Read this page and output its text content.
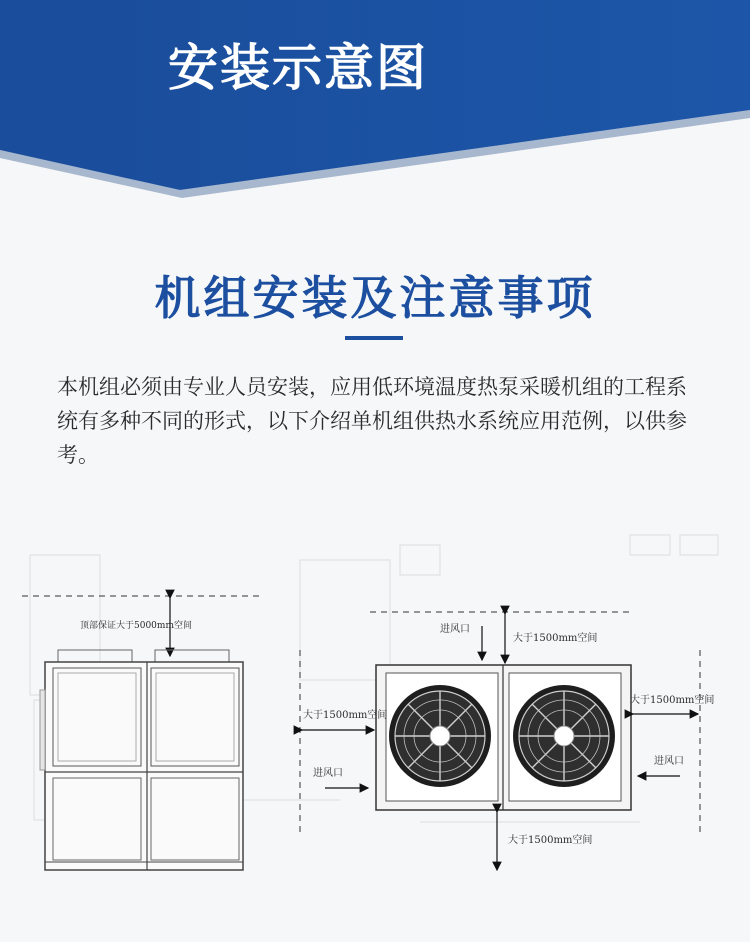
安装示意图
机组安装及注意事项
本机组必须由专业人员安装，应用低环境温度热泵采暖机组的工程系统有多种不同的形式，以下介绍单机组供热水系统应用范例，以供参考。
顶部保证大于5000mm空间
大于1500mm空间
进风口
大于1500mm空间
进风口
大于1500mm空间
进风口
大于1500mm空间
